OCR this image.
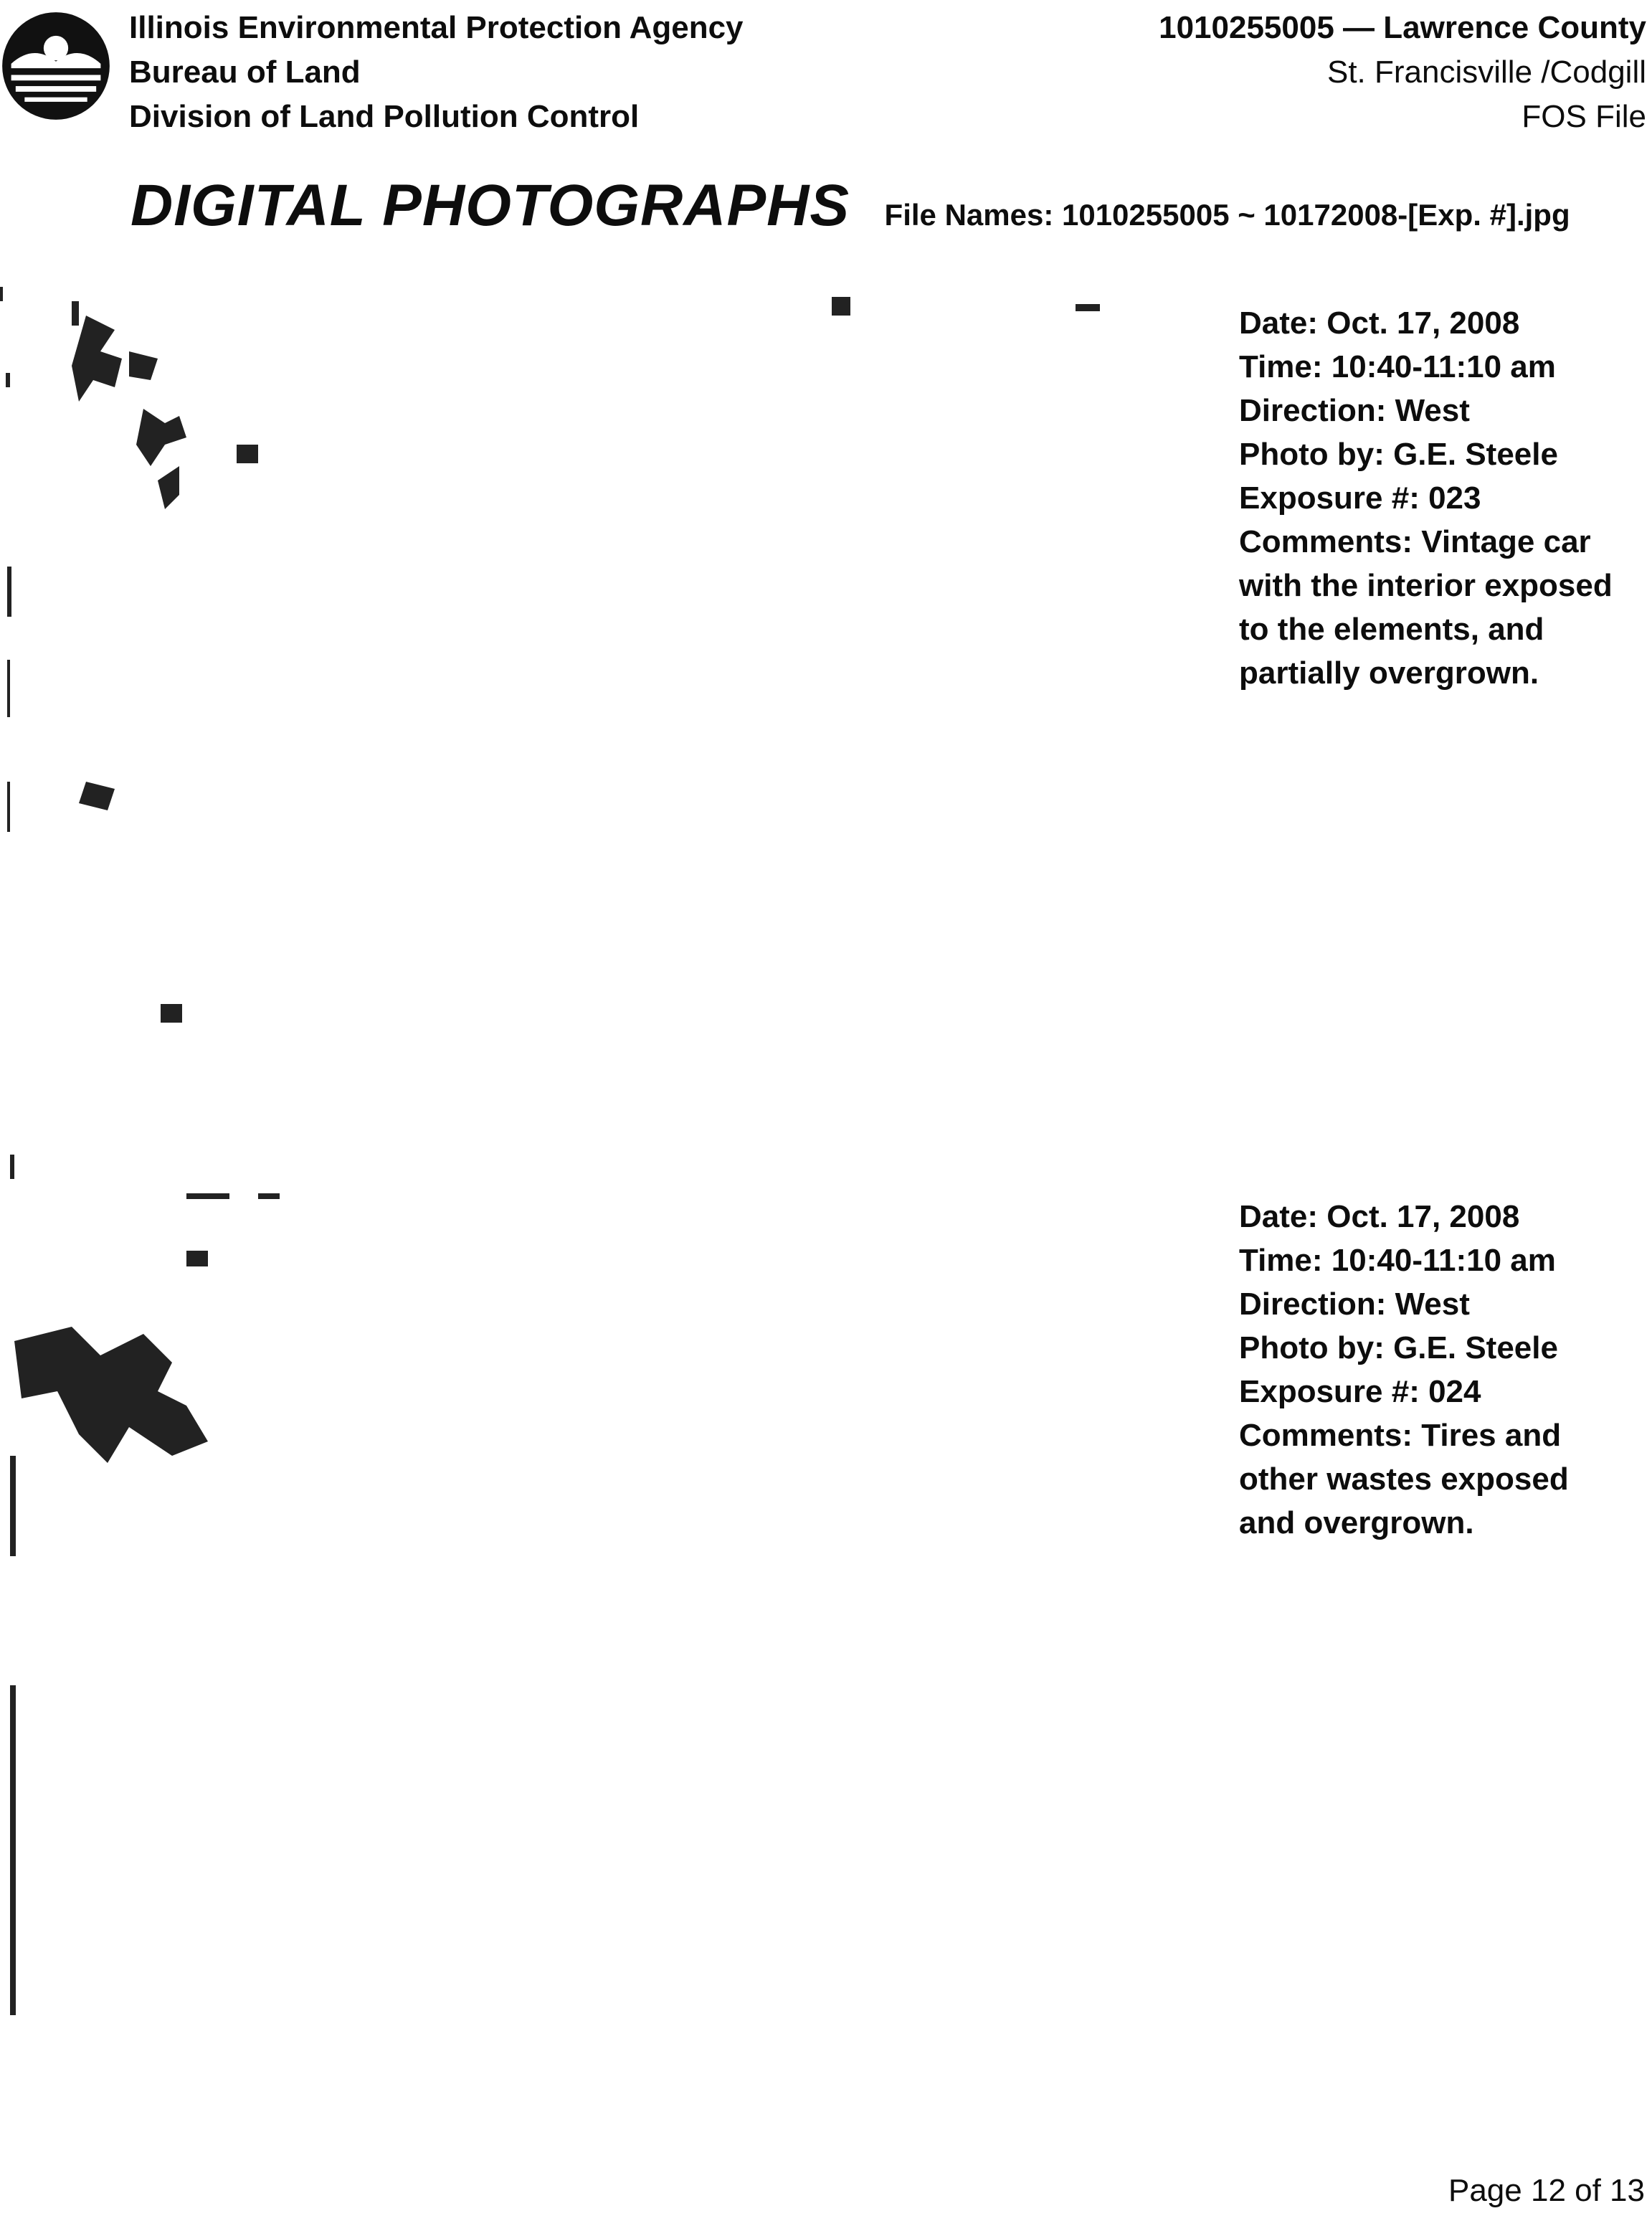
Illinois Environmental Protection Agency
Bureau of Land
Division of Land Pollution Control
1010255005 — Lawrence County
St. Francisville /Codgill
FOS File
DIGITAL PHOTOGRAPHS File Names: 1010255005 ~ 10172008-[Exp. #].jpg
Date: Oct. 17, 2008
Time: 10:40-11:10 am
Direction: West
Photo by: G.E. Steele
Exposure #: 023
Comments: Vintage car with the interior exposed to the elements, and partially overgrown.
Date: Oct. 17, 2008
Time: 10:40-11:10 am
Direction: West
Photo by: G.E. Steele
Exposure #: 024
Comments: Tires and other wastes exposed and overgrown.
Page 12 of 13
